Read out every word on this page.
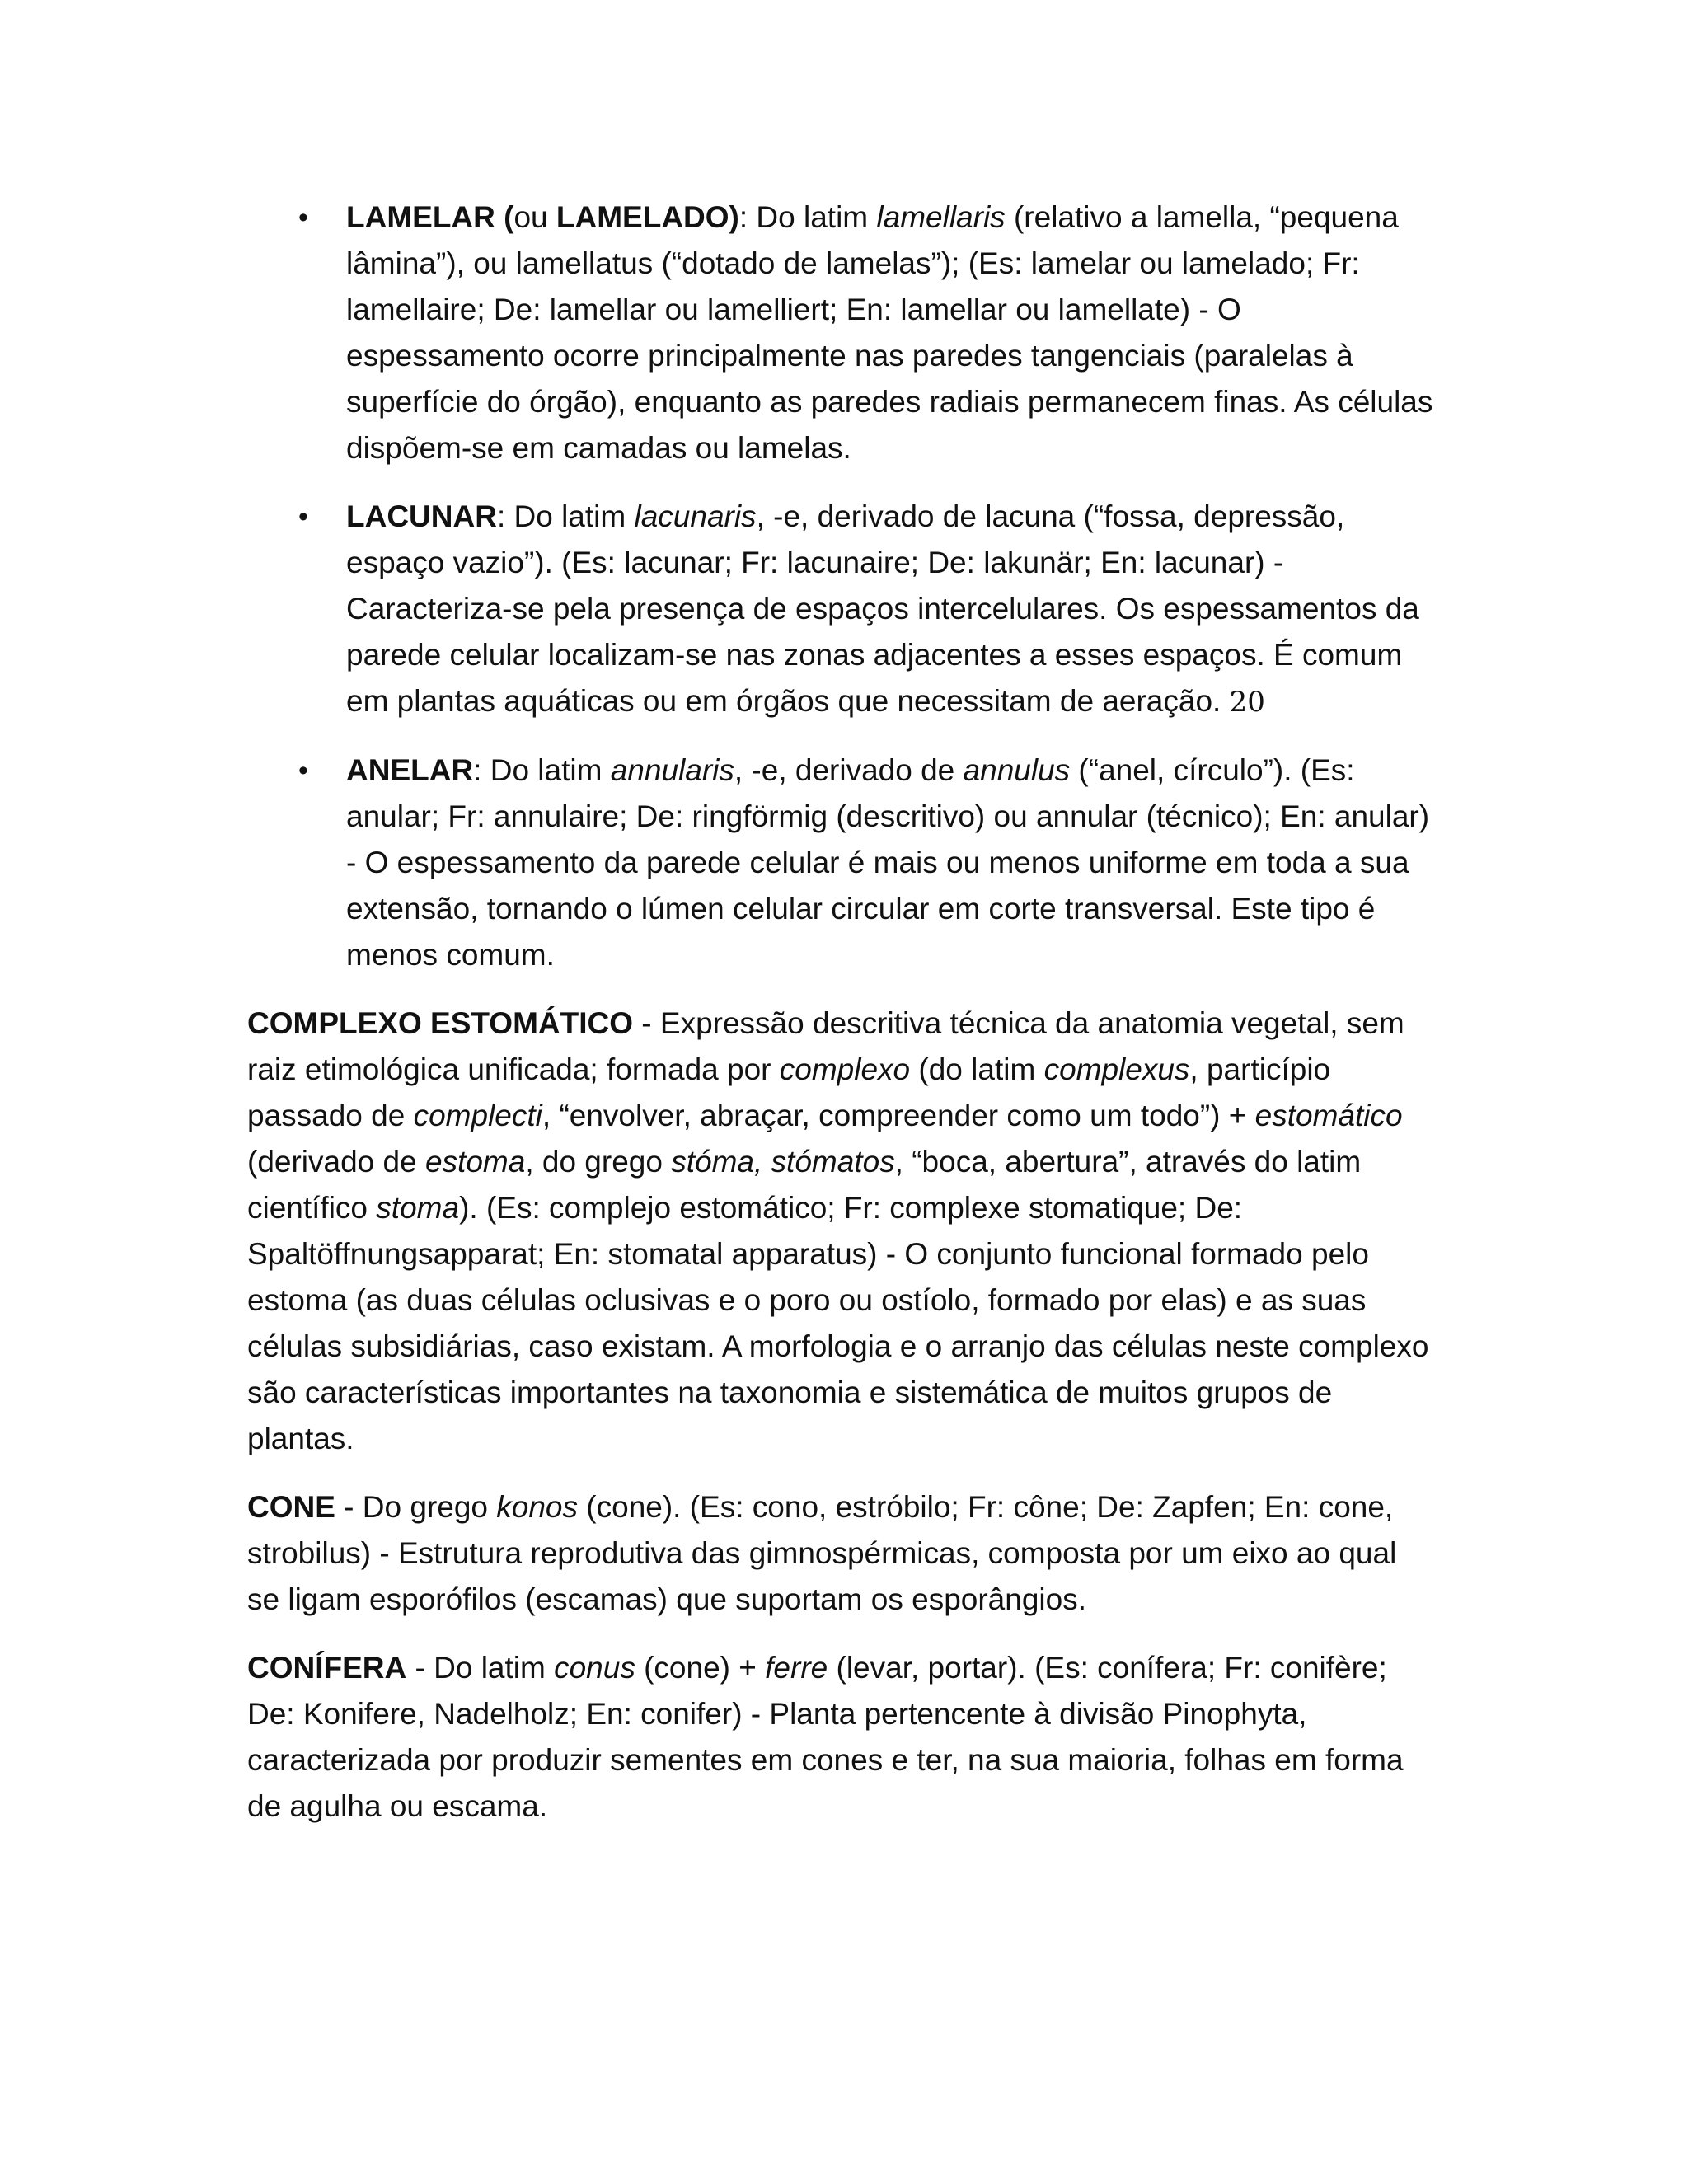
• LAMELAR (ou LAMELADO): Do latim lamellaris (relativo a lamella, “pequena lâmina”), ou lamellatus (“dotado de lamelas”); (Es: lamelar ou lamelado; Fr: lamellaire; De: lamellar ou lamelliert; En: lamellar ou lamellate) - O espessamento ocorre principalmente nas paredes tangenciais (paralelas à superfície do órgão), enquanto as paredes radiais permanecem finas. As células dispõem-se em camadas ou lamelas.
• LACUNAR: Do latim lacunaris, -e, derivado de lacuna (“fossa, depressão, espaço vazio”). (Es: lacunar; Fr: lacunaire; De: lakunär; En: lacunar) - Caracteriza-se pela presença de espaços intercelulares. Os espessamentos da parede celular localizam-se nas zonas adjacentes a esses espaços. É comum em plantas aquáticas ou em órgãos que necessitam de aeração. 20
• ANELAR: Do latim annularis, -e, derivado de annulus (“anel, círculo”). (Es: anular; Fr: annulaire; De: ringförmig (descritivo) ou annular (técnico); En: anular) - O espessamento da parede celular é mais ou menos uniforme em toda a sua extensão, tornando o lúmen celular circular em corte transversal. Este tipo é menos comum.

COMPLEXO ESTOMÁTICO - Expressão descritiva técnica da anatomia vegetal, sem raiz etimológica unificada; formada por complexo (do latim complexus, particípio passado de complecti, “envolver, abraçar, compreender como um todo”) + estomático (derivado de estoma, do grego stóma, stómatos, “boca, abertura”, através do latim científico stoma). (Es: complejo estomático; Fr: complexe stomatique; De: Spaltöffnungsapparat; En: stomatal apparatus) - O conjunto funcional formado pelo estoma (as duas células oclusivas e o poro ou ostíolo, formado por elas) e as suas células subsidiárias, caso existam. A morfologia e o arranjo das células neste complexo são características importantes na taxonomia e sistemática de muitos grupos de plantas.

CONE - Do grego konos (cone). (Es: cono, estróbilo; Fr: cône; De: Zapfen; En: cone, strobilus) - Estrutura reprodutiva das gimnospérmicas, composta por um eixo ao qual se ligam esporófilos (escamas) que suportam os esporângios.

CONÍFERA - Do latim conus (cone) + ferre (levar, portar). (Es: conífera; Fr: conifère; De: Konifere, Nadelholz; En: conifer) - Planta pertencente à divisão Pinophyta, caracterizada por produzir sementes em cones e ter, na sua maioria, folhas em forma de agulha ou escama.
